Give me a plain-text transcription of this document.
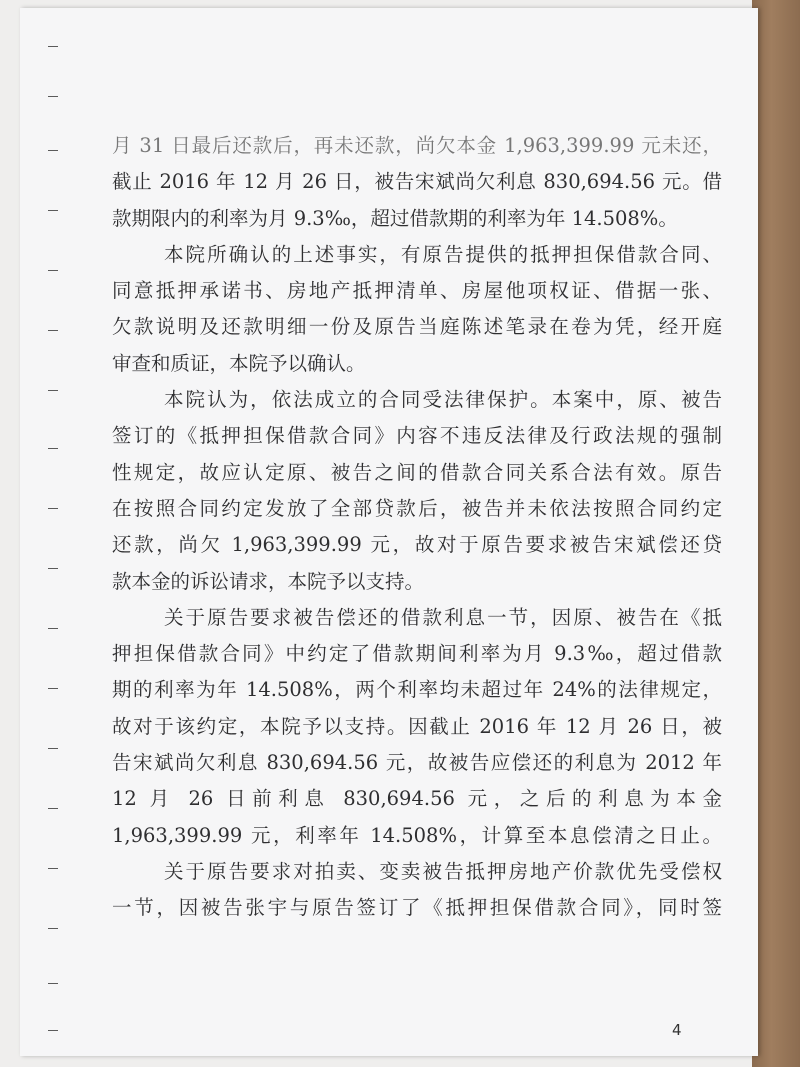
月 31 日最后还款后，再未还款，尚欠本金 1,963,399.99 元未还，
截止 2016 年 12 月 26 日，被告宋斌尚欠利息 830,694.56 元。借
款期限内的利率为月 9.3‰，超过借款期的利率为年 14.508%。
本院所确认的上述事实，有原告提供的抵押担保借款合同、
同意抵押承诺书、房地产抵押清单、房屋他项权证、借据一张、
欠款说明及还款明细一份及原告当庭陈述笔录在卷为凭，经开庭
审查和质证，本院予以确认。
本院认为，依法成立的合同受法律保护。本案中，原、被告
签订的《抵押担保借款合同》内容不违反法律及行政法规的强制
性规定，故应认定原、被告之间的借款合同关系合法有效。原告
在按照合同约定发放了全部贷款后，被告并未依法按照合同约定
还款，尚欠 1,963,399.99 元，故对于原告要求被告宋斌偿还贷
款本金的诉讼请求，本院予以支持。
关于原告要求被告偿还的借款利息一节，因原、被告在《抵
押担保借款合同》中约定了借款期间利率为月 9.3‰，超过借款
期的利率为年 14.508%，两个利率均未超过年 24%的法律规定，
故对于该约定，本院予以支持。因截止 2016 年 12 月 26 日，被
告宋斌尚欠利息 830,694.56 元，故被告应偿还的利息为 2012 年
12 月 26 日前利息 830,694.56 元，之后的利息为本金
1,963,399.99 元，利率年 14.508%，计算至本息偿清之日止。
关于原告要求对拍卖、变卖被告抵押房地产价款优先受偿权
一节，因被告张宇与原告签订了《抵押担保借款合同》，同时签
4
